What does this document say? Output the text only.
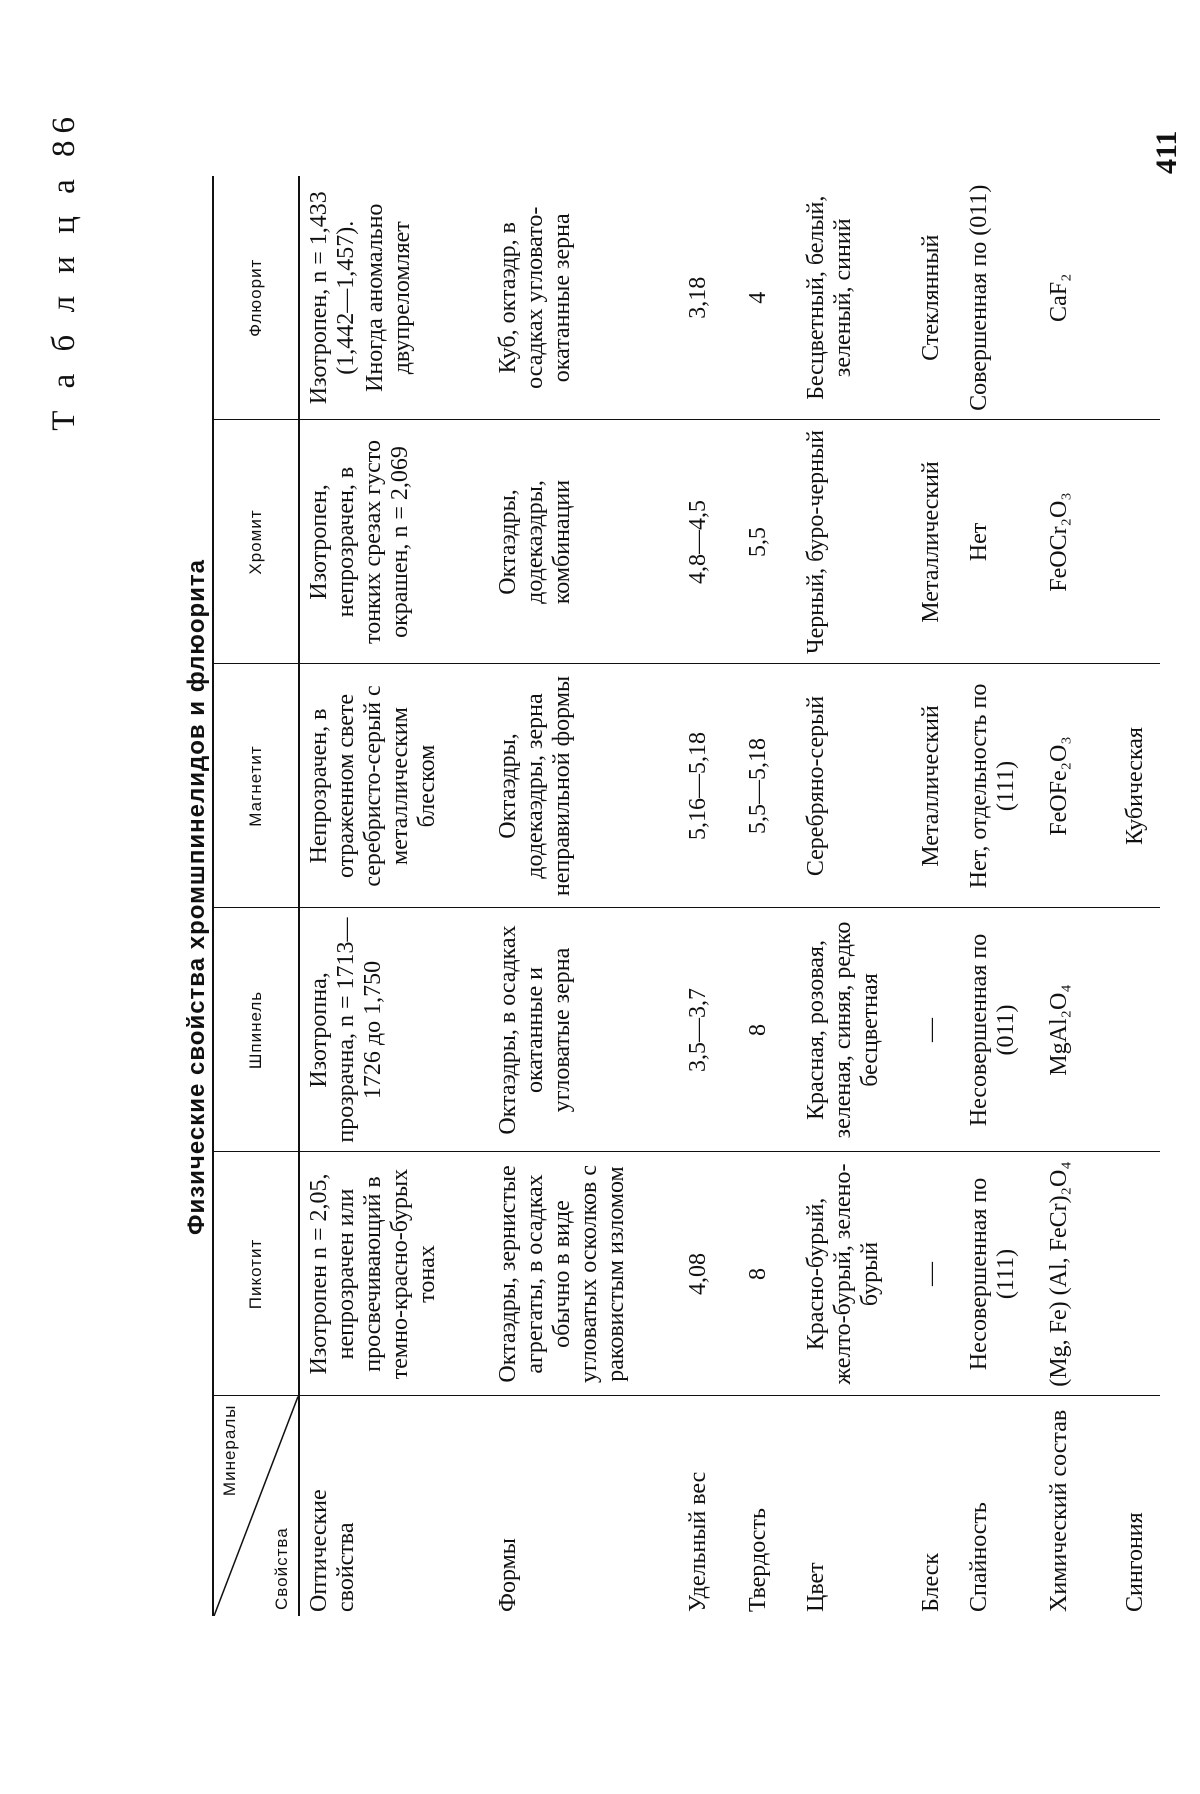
Т а б л и ц а 86
Физические свойства хромшпинелидов и флюорита
Минералы
Свойства	Пикотит	Шпинель	Магнетит	Хромит	Флюорит
Оптические свойства	Изотропен n = 2,05, непрозрачен или просвечивающий в темно-красно-бурых тонах	Изотропна, прозрачна, n = 1713—1726 до 1,750	Непрозрачен, в отраженном свете серебристо-серый с металлическим блеском	Изотропен, непрозрачен, в тонких срезах густо окрашен, n = 2,069	Изотропен, n = 1,433 (1,442—1,457). Иногда аномально двупреломляет

Формы	Октаэдры, зернистые агрегаты, в осадках обычно в виде угловатых осколков с раковистым изломом	Октаэдры, в осадках окатанные и угловатые зерна	Октаэдры, додекаэдры, зерна неправильной формы	Октаэдры, додекаэдры, комбинации	Куб, октаэдр, в осадках угловато-окатанные зерна
Удельный вес	4,08	3,5—3,7	5,16—5,18	4,8—4,5	3,18
Твердость	8	8	5,5—5,18	5,5	4
Цвет	Красно-бурый, желто-бурый, зелено-бурый	Красная, розовая, зеленая, синяя, редко бесцветная	Серебряно-серый	Черный, буро-черный	Бесцветный, белый, зеленый, синий
Блеск	—	—	Металлический	Металлический	Стеклянный
Спайность	Несовершенная по (111)	Несовершенная по (011)	Нет, отдельность по (111)	Нет	Совершенная по (011)
Химический состав	(Mg, Fe) (Al, FeCr)₂O₄	MgAl₂O₄	FeOFe₂O₃	FeOCr₂O₃	CaF₂
Сингония			Кубическая		
411
